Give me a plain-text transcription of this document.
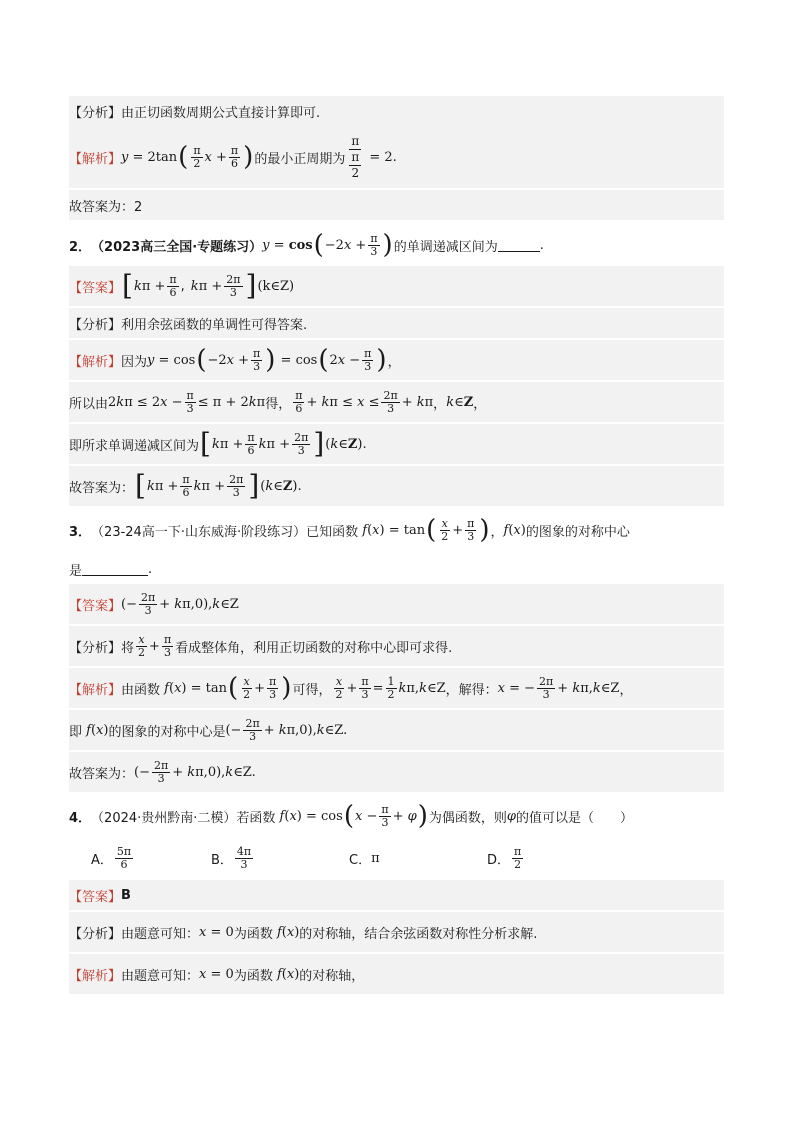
【分析】 由正切函数周期公式直接计算即可.
【解析】 y = 2tan ( $\frac{\pi}{2}$ $x + \frac{\pi}{6}$ ) 的最小正周期为 π
π
2 = 2.
故答案为：2
2． （2023高三全国·专题练习） y = cos ( −2 $x + \frac{\pi}{3}$ ) 的单调递减区间为	.
【答案】 [ k $\pi + \frac{\pi}{6}$ , k $\pi + \frac{2\pi}{3}$ ] (k∈Z)
【分析】 利用余弦函数的单调性可得答案.
【解析】 因为 y = cos ( −2 $x + \frac{\pi}{3}$ ) = cos ( 2 $x - \frac{\pi}{3}$ ) ，
所以由 2 k π ≤ 2 $x - \frac{\pi}{3} \le \pi + 2$ k π 得， $\frac{\pi}{6} + k$ $\pi \le x \le \frac{2\pi}{3} + k$ π ， k ∈ Z ，
即所求单调递减区间为 [ k $\pi + \frac{\pi}{6}$ k $\pi + \frac{2\pi}{3}$ ] ( k ∈ Z ).
故答案为： [ k $\pi + \frac{\pi}{6}$ k $\pi + \frac{2\pi}{3}$ ] ( k ∈ Z ).
3． （23-24高一下·山东威海·阶段练习） 已知函数 f ( x ) = tan ( $\frac{x}{2} + \frac{\pi}{3}$ ) ， f ( x ) 的图象的对称中心
是	.
【答案】 (− $\frac{2\pi}{3} + k$ π,0), k ∈Z
【分析】 将 $\frac{x}{2} + \frac{\pi}{3}$ 看成整体角，利用正切函数的对称中心即可求得.
【解析】 由函数 f ( x ) = tan ( $\frac{x}{2} + \frac{\pi}{3}$ ) 可得， $\frac{x}{2} + \frac{\pi}{3} = \frac{1}{2}$ k π, k ∈Z ，解得： x = − $\frac{2\pi}{3} + k$ π, k ∈Z ，
即 f ( x ) 的图象的对称中心是 (− $\frac{2\pi}{3} + k$ π,0), k ∈Z.
故答案为： (− $\frac{2\pi}{3} + k$ π,0), k ∈Z.
4． （2024·贵州黔南·二模） 若函数 f ( x ) = cos ( $x - \frac{\pi}{3} + \varphi$ ) 为偶函数，则 φ 的值可以是（　　）
A． $\frac{5\pi}{6}$	B． $\frac{4\pi}{3}$	C． π	D． $\frac{\pi}{2}$
【答案】 B
【分析】 由题意可知： x = 0 为函数 f ( x ) 的对称轴，结合余弦函数对称性分析求解.
【解析】 由题意可知： x = 0 为函数 f ( x ) 的对称轴，
